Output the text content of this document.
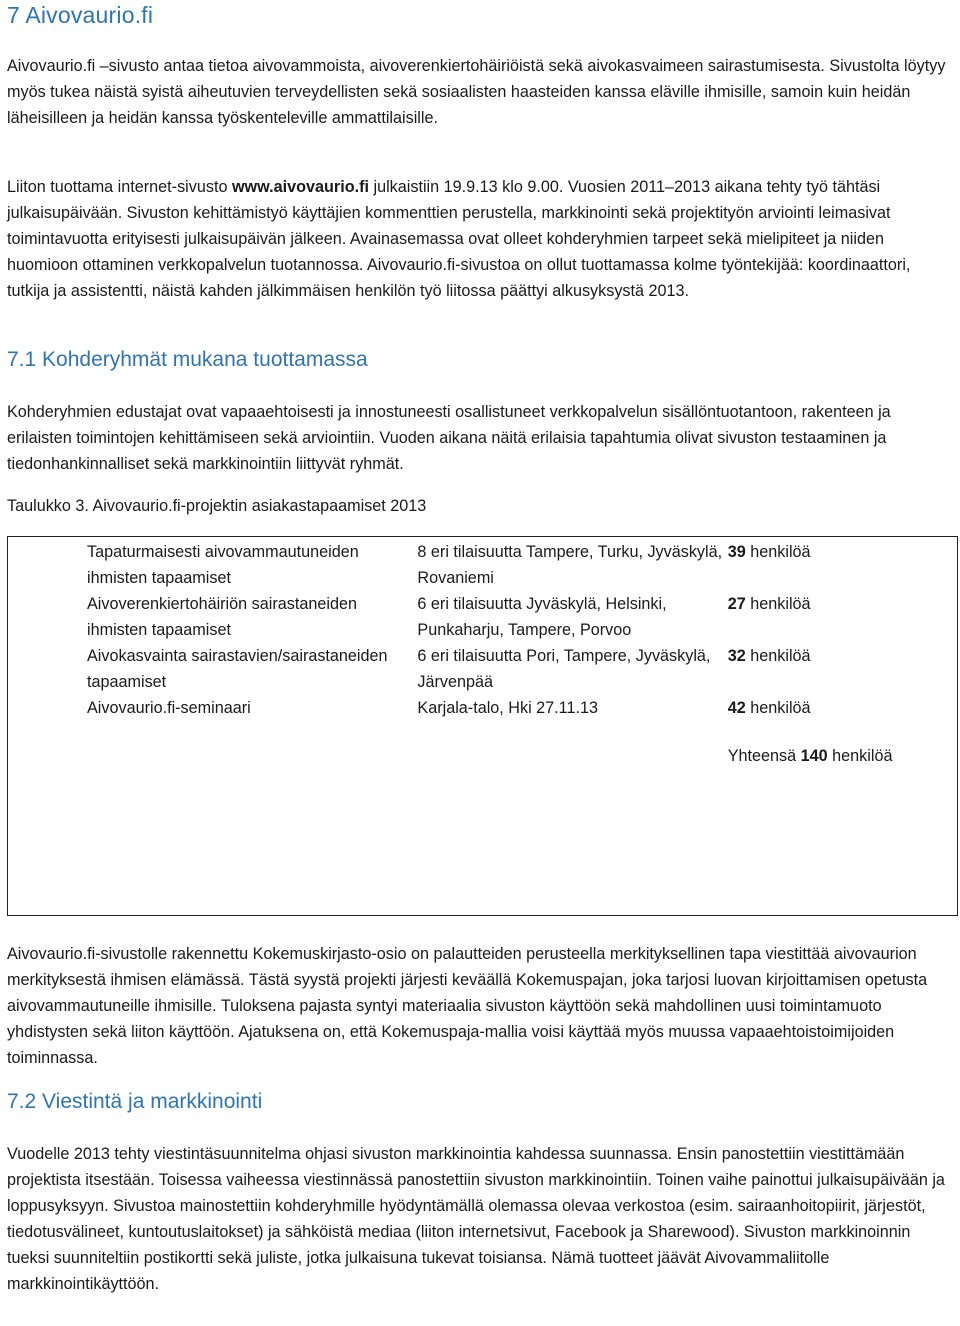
7 Aivovaurio.fi

Aivovaurio.fi –sivusto antaa tietoa aivovammoista, aivoverenkiertohäiriöistä sekä aivokasvaimeen sairastumisesta. Sivustolta löytyy myös tukea näistä syistä aiheutuvien terveydellisten sekä sosiaalisten haasteiden kanssa eläville ihmisille, samoin kuin heidän läheisilleen ja heidän kanssa työskenteleville ammattilaisille.

Liiton tuottama internet-sivusto www.aivovaurio.fi julkaistiin 19.9.13 klo 9.00. Vuosien 2011–2013 aikana tehty työ tähtäsi julkaisupäivään. Sivuston kehittämistyö käyttäjien kommenttien perustella, markkinointi sekä projektityön arviointi leimasivat toimintavuotta erityisesti julkaisupäivän jälkeen. Avainasemassa ovat olleet kohderyhmien tarpeet sekä mielipiteet ja niiden huomioon ottaminen verkkopalvelun tuotannossa. Aivovaurio.fi-sivustoa on ollut tuottamassa kolme työntekijää: koordinaattori, tutkija ja assistentti, näistä kahden jälkimmäisen henkilön työ liitossa päättyi alkusyksystä 2013.

7.1 Kohderyhmät mukana tuottamassa

Kohderyhmien edustajat ovat vapaaehtoisesti ja innostuneesti osallistuneet verkkopalvelun sisällöntuotantoon, rakenteen ja erilaisten toimintojen kehittämiseen sekä arviointiin. Vuoden aikana näitä erilaisia tapahtumia olivat sivuston testaaminen ja tiedonhankinnalliset sekä markkinointiin liittyvät ryhmät.

Taulukko 3. Aivovaurio.fi-projektin asiakastapaamiset 2013

Tapaturmaisesti aivovammautuneiden ihmisten tapaamiset	8 eri tilaisuutta Tampere, Turku, Jyväskylä, Rovaniemi	39 henkilöä
Aivoverenkiertohäiriön sairastaneiden ihmisten tapaamiset	6 eri tilaisuutta Jyväskylä, Helsinki, Punkaharju, Tampere, Porvoo	27 henkilöä
Aivokasvainta sairastavien/sairastaneiden tapaamiset	6 eri tilaisuutta Pori, Tampere, Jyväskylä, Järvenpää	32 henkilöä
Aivovaurio.fi-seminaari	Karjala-talo, Hki 27.11.13	42 henkilöä
		Yhteensä 140 henkilöä

Aivovaurio.fi-sivustolle rakennettu Kokemuskirjasto-osio on palautteiden perusteella merkityksellinen tapa viestittää aivovaurion merkityksestä ihmisen elämässä. Tästä syystä projekti järjesti keväällä Kokemuspajan, joka tarjosi luovan kirjoittamisen opetusta aivovammautuneille ihmisille. Tuloksena pajasta syntyi materiaalia sivuston käyttöön sekä mahdollinen uusi toimintamuoto yhdistysten sekä liiton käyttöön. Ajatuksena on, että Kokemuspaja-mallia voisi käyttää myös muussa vapaaehtoistoimijoiden toiminnassa.

7.2 Viestintä ja markkinointi

Vuodelle 2013 tehty viestintäsuunnitelma ohjasi sivuston markkinointia kahdessa suunnassa. Ensin panostettiin viestittämään projektista itsestään. Toisessa vaiheessa viestinnässä panostettiin sivuston markkinointiin. Toinen vaihe painottui julkaisupäivään ja loppusyksyyn. Sivustoa mainostettiin kohderyhmille hyödyntämällä olemassa olevaa verkostoa (esim. sairaanhoitopiirit, järjestöt, tiedotusvälineet, kuntoutuslaitokset) ja sähköistä mediaa (liiton internetsivut, Facebook ja Sharewood). Sivuston markkinoinnin tueksi suunniteltiin postikortti sekä juliste, jotka julkaisuna tukevat toisiansa. Nämä tuotteet jäävät Aivovammaliitolle markkinointikäyttöön.
